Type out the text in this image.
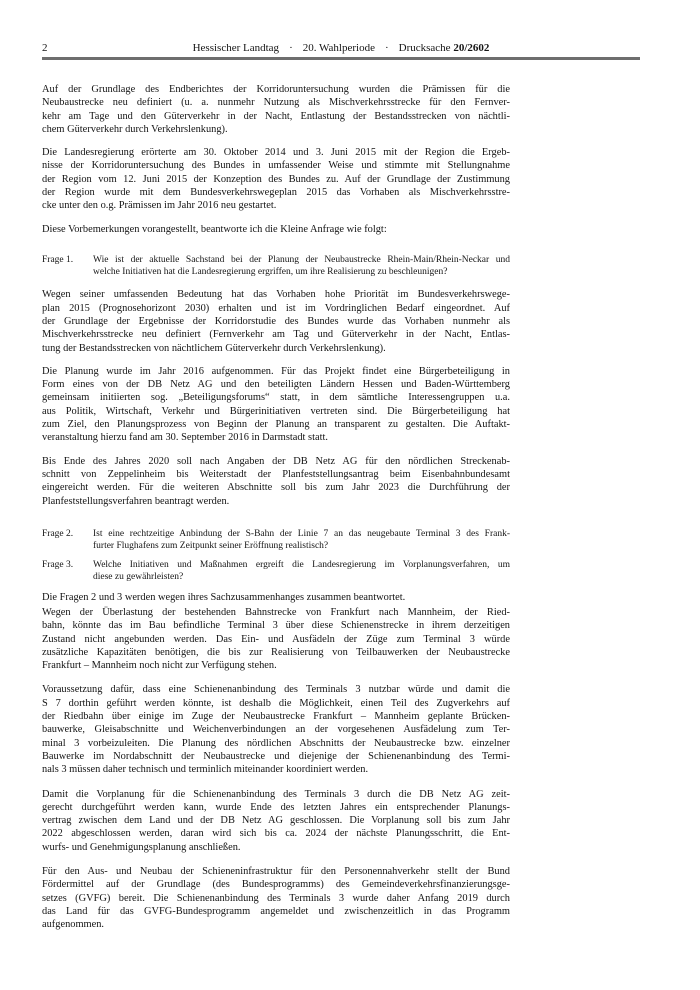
2	Hessischer Landtag · 20. Wahlperiode · Drucksache 20/2602
Auf der Grundlage des Endberichtes der Korridoruntersuchung wurden die Prämissen für die
Neubaustrecke neu definiert (u. a. nunmehr Nutzung als Mischverkehrsstrecke für den Fernver-
kehr am Tage und den Güterverkehr in der Nacht, Entlastung der Bestandsstrecken von nächtli-
chem Güterverkehr durch Verkehrslenkung).
Die Landesregierung erörterte am 30. Oktober 2014 und 3. Juni 2015 mit der Region die Ergeb-
nisse der Korridoruntersuchung des Bundes in umfassender Weise und stimmte mit Stellungnahme
der Region vom 12. Juni 2015 der Konzeption des Bundes zu. Auf der Grundlage der Zustimmung
der Region wurde mit dem Bundesverkehrswegeplan 2015 das Vorhaben als Mischverkehrsstre-
cke unter den o.g. Prämissen im Jahr 2016 neu gestartet.
Diese Vorbemerkungen vorangestellt, beantworte ich die Kleine Anfrage wie folgt:
Frage 1.	Wie ist der aktuelle Sachstand bei der Planung der Neubaustrecke Rhein-Main/Rhein-Neckar und
welche Initiativen hat die Landesregierung ergriffen, um ihre Realisierung zu beschleunigen?
Wegen seiner umfassenden Bedeutung hat das Vorhaben hohe Priorität im Bundesverkehrswege-
plan 2015 (Prognosehorizont 2030) erhalten und ist im Vordringlichen Bedarf eingeordnet. Auf
der Grundlage der Ergebnisse der Korridorstudie des Bundes wurde das Vorhaben nunmehr als
Mischverkehrsstrecke neu definiert (Fernverkehr am Tag und Güterverkehr in der Nacht, Entlas-
tung der Bestandsstrecken von nächtlichem Güterverkehr durch Verkehrslenkung).
Die Planung wurde im Jahr 2016 aufgenommen. Für das Projekt findet eine Bürgerbeteiligung in
Form eines von der DB Netz AG und den beteiligten Ländern Hessen und Baden-Württemberg
gemeinsam initiierten sog. „Beteiligungsforums“ statt, in dem sämtliche Interessengruppen u.a.
aus Politik, Wirtschaft, Verkehr und Bürgerinitiativen vertreten sind. Die Bürgerbeteiligung hat
zum Ziel, den Planungsprozess von Beginn der Planung an transparent zu gestalten. Die Auftakt-
veranstaltung hierzu fand am 30. September 2016 in Darmstadt statt.
Bis Ende des Jahres 2020 soll nach Angaben der DB Netz AG für den nördlichen Streckenab-
schnitt von Zeppelinheim bis Weiterstadt der Planfeststellungsantrag beim Eisenbahnbundesamt
eingereicht werden. Für die weiteren Abschnitte soll bis zum Jahr 2023 die Durchführung der
Planfeststellungsverfahren beantragt werden.
Frage 2.	Ist eine rechtzeitige Anbindung der S-Bahn der Linie 7 an das neugebaute Terminal 3 des Frank-
furter Flughafens zum Zeitpunkt seiner Eröffnung realistisch?
Frage 3.	Welche Initiativen und Maßnahmen ergreift die Landesregierung im Vorplanungsverfahren, um
diese zu gewährleisten?
Die Fragen 2 und 3 werden wegen ihres Sachzusammenhanges zusammen beantwortet.
Wegen der Überlastung der bestehenden Bahnstrecke von Frankfurt nach Mannheim, der Ried-
bahn, könnte das im Bau befindliche Terminal 3 über diese Schienenstrecke in ihrem derzeitigen
Zustand nicht angebunden werden. Das Ein- und Ausfädeln der Züge zum Terminal 3 würde
zusätzliche Kapazitäten benötigen, die bis zur Realisierung von Teilbauwerken der Neubaustrecke
Frankfurt – Mannheim noch nicht zur Verfügung stehen.
Voraussetzung dafür, dass eine Schienenanbindung des Terminals 3 nutzbar würde und damit die
S 7 dorthin geführt werden könnte, ist deshalb die Möglichkeit, einen Teil des Zugverkehrs auf
der Riedbahn über einige im Zuge der Neubaustrecke Frankfurt – Mannheim geplante Brücken-
bauwerke, Gleisabschnitte und Weichenverbindungen an der vorgesehenen Ausfädelung zum Ter-
minal 3 vorbeizuleiten. Die Planung des nördlichen Abschnitts der Neubaustrecke bzw. einzelner
Bauwerke im Nordabschnitt der Neubaustrecke und diejenige der Schienenanbindung des Termi-
nals 3 müssen daher technisch und terminlich miteinander koordiniert werden.
Damit die Vorplanung für die Schienenanbindung des Terminals 3 durch die DB Netz AG zeit-
gerecht durchgeführt werden kann, wurde Ende des letzten Jahres ein entsprechender Planungs-
vertrag zwischen dem Land und der DB Netz AG geschlossen. Die Vorplanung soll bis zum Jahr
2022 abgeschlossen werden, daran wird sich bis ca. 2024 der nächste Planungsschritt, die Ent-
wurfs- und Genehmigungsplanung anschließen.
Für den Aus- und Neubau der Schieneninfrastruktur für den Personennahverkehr stellt der Bund
Fördermittel auf der Grundlage (des Bundesprogramms) des Gemeindeverkehrsfinanzierungsge-
setzes (GVFG) bereit. Die Schienenanbindung des Terminals 3 wurde daher Anfang 2019 durch
das Land für das GVFG-Bundesprogramm angemeldet und zwischenzeitlich in das Programm
aufgenommen.
